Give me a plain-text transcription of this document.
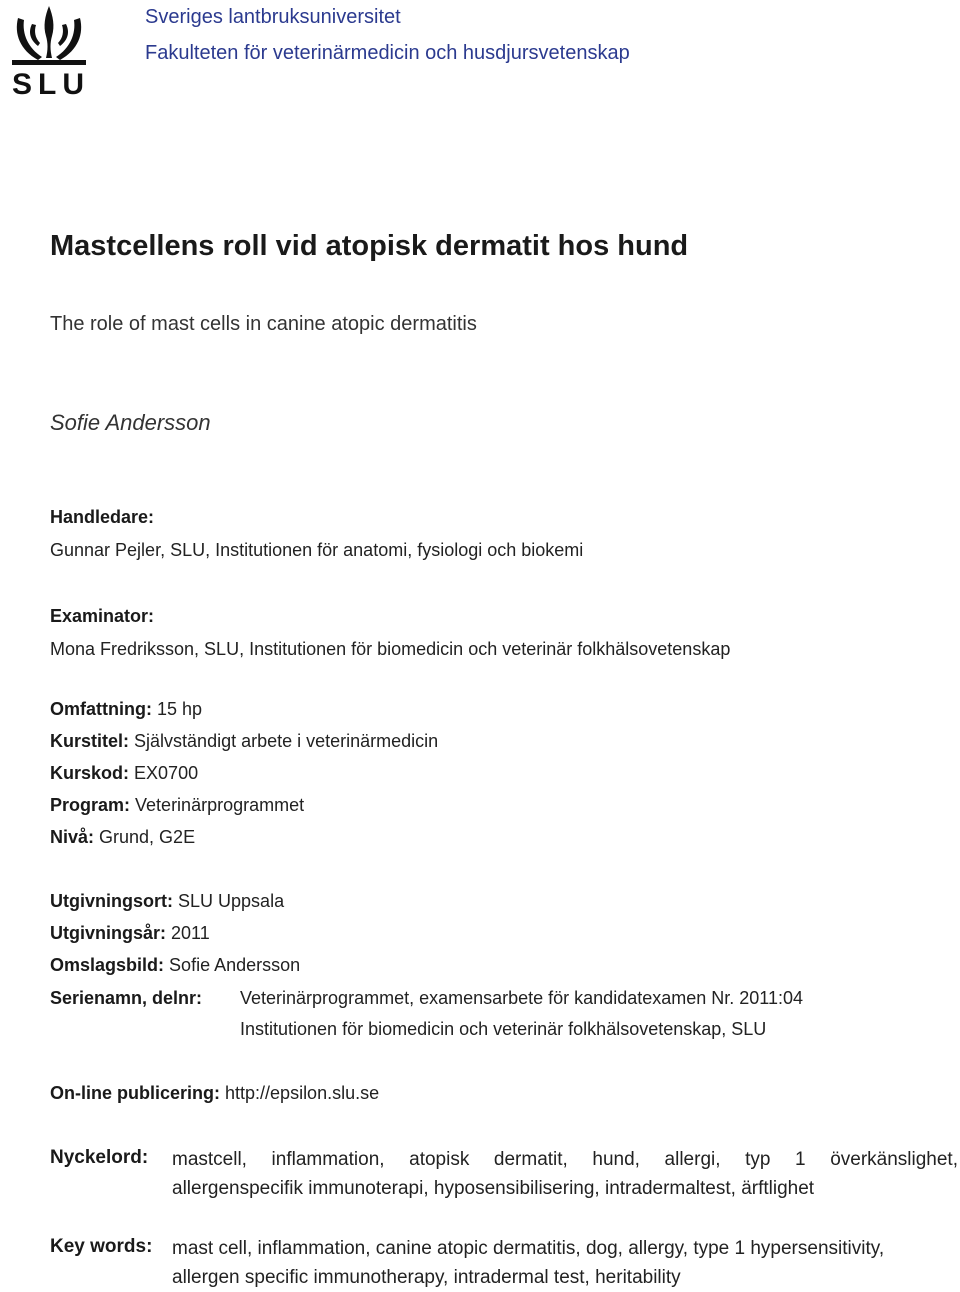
SLU
Sveriges lantbruksuniversitet
Fakulteten för veterinärmedicin och husdjursvetenskap
Mastcellens roll vid atopisk dermatit hos hund
The role of mast cells in canine atopic dermatitis
Sofie Andersson
Handledare:
Gunnar Pejler, SLU, Institutionen för anatomi, fysiologi och biokemi
Examinator:
Mona Fredriksson, SLU, Institutionen för biomedicin och veterinär folkhälsovetenskap
Omfattning: 15 hp
Kurstitel: Självständigt arbete i veterinärmedicin
Kurskod: EX0700
Program: Veterinärprogrammet
Nivå: Grund, G2E
Utgivningsort: SLU Uppsala
Utgivningsår: 2011
Omslagsbild: Sofie Andersson
Serienamn, delnr: Veterinärprogrammet, examensarbete för kandidatexamen Nr. 2011:04
Institutionen för biomedicin och veterinär folkhälsovetenskap, SLU
On-line publicering: http://epsilon.slu.se
Nyckelord: mastcell, inflammation, atopisk dermatit, hund, allergi, typ 1 överkänslighet,
allergenspecifik immunoterapi, hyposensibilisering, intradermaltest, ärftlighet
Key words: mast cell, inflammation, canine atopic dermatitis, dog, allergy, type 1 hypersensitivity,
allergen specific immunotherapy, intradermal test, heritability
